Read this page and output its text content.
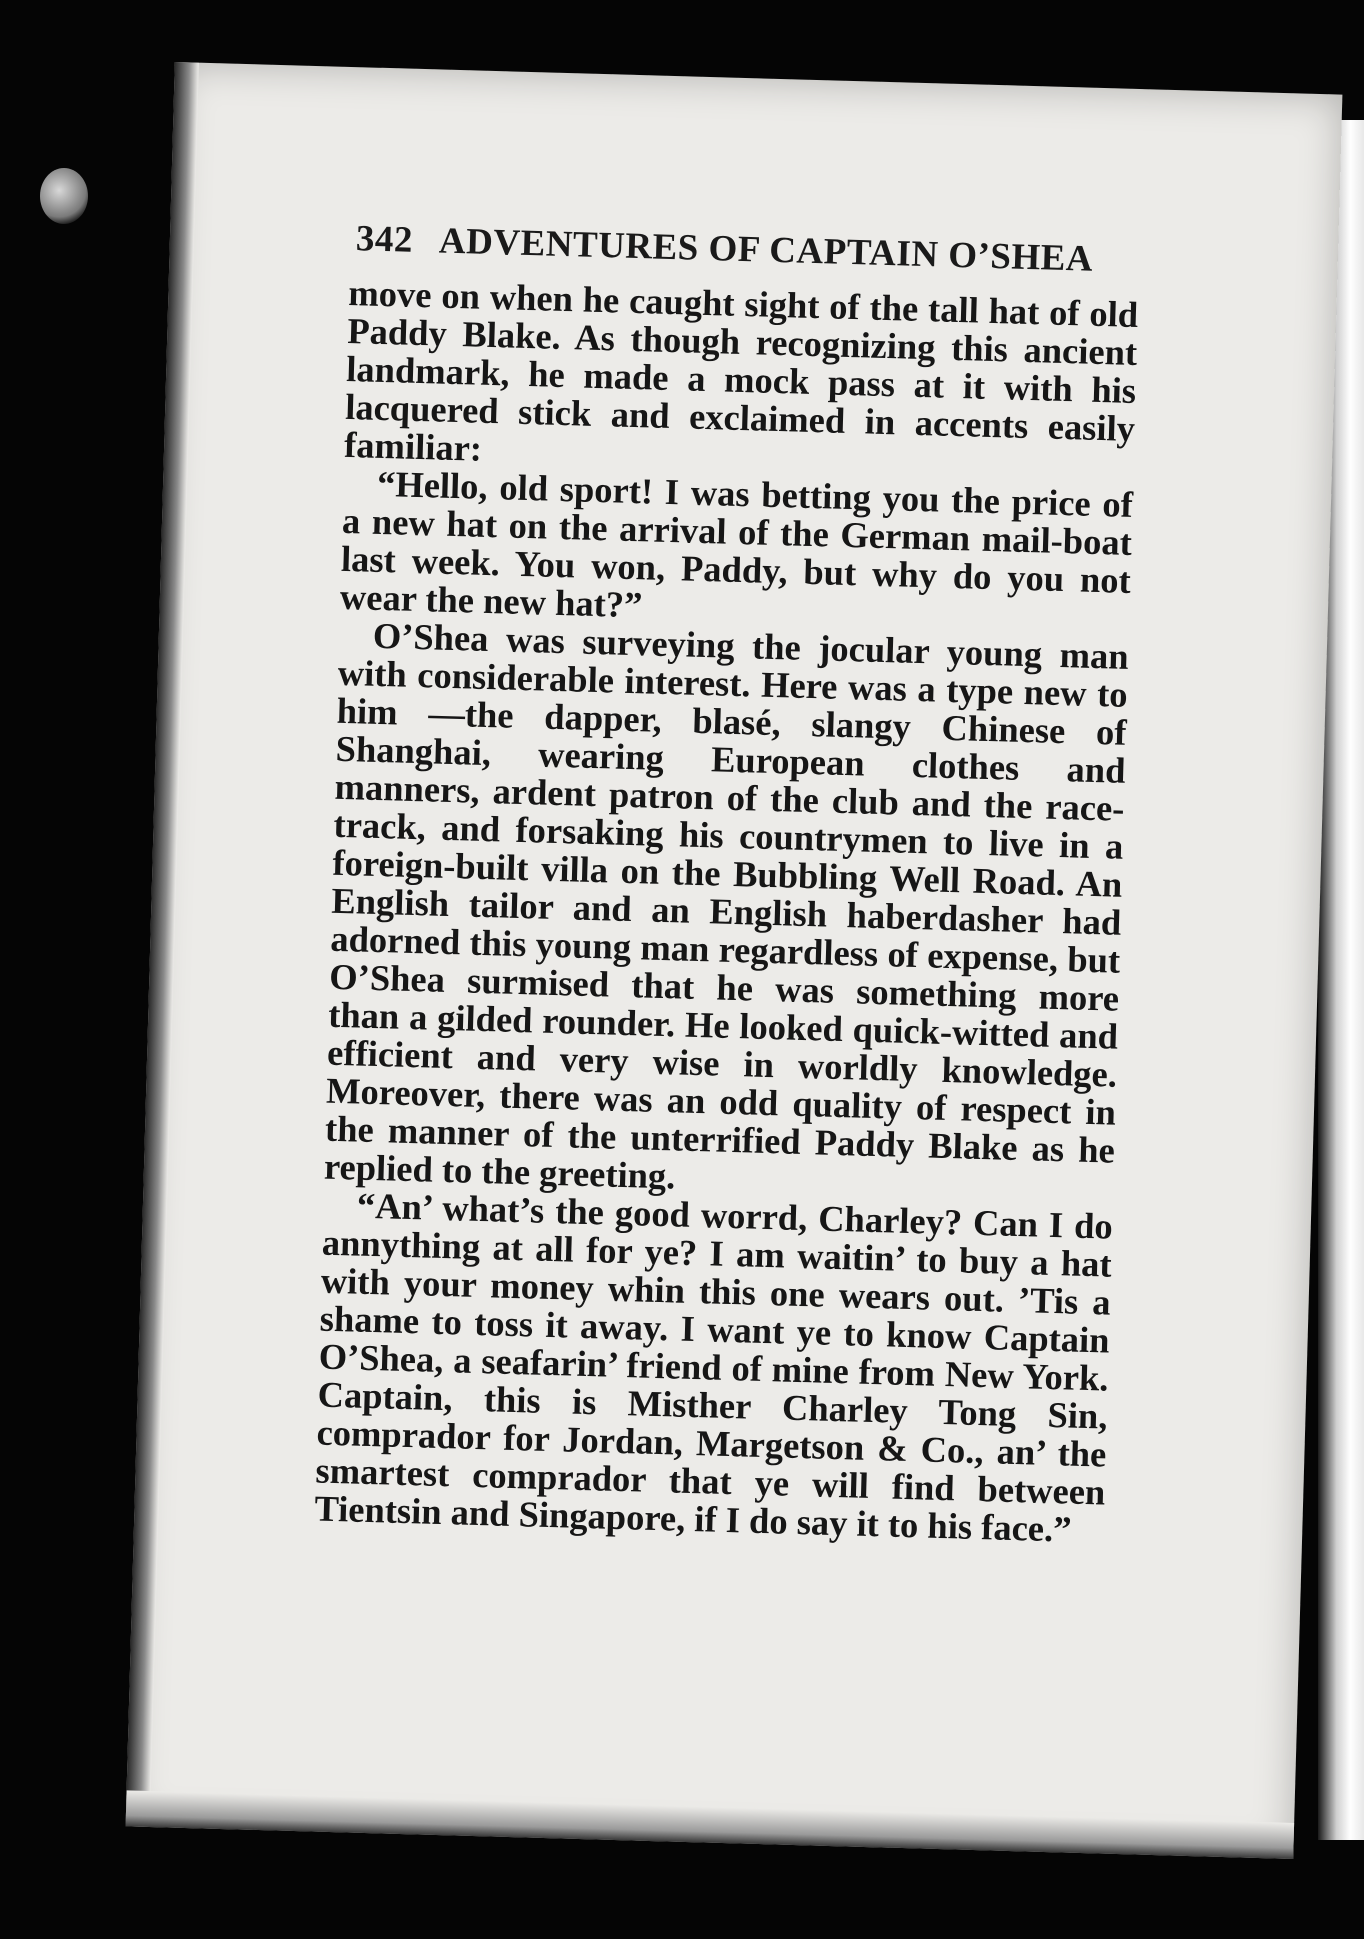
342 ADVENTURES OF CAPTAIN O’SHEA

move on when he caught sight of the tall hat of old Paddy Blake. As though recognizing this ancient landmark, he made a mock pass at it with his lacquered stick and exclaimed in accents easily familiar:

“Hello, old sport! I was betting you the price of a new hat on the arrival of the German mail-boat last week. You won, Paddy, but why do you not wear the new hat?”

O’Shea was surveying the jocular young man with considerable interest. Here was a type new to him —the dapper, blasé, slangy Chinese of Shanghai, wearing European clothes and manners, ardent patron of the club and the race-track, and forsaking his countrymen to live in a foreign-built villa on the Bubbling Well Road. An English tailor and an English haberdasher had adorned this young man regardless of expense, but O’Shea surmised that he was something more than a gilded rounder. He looked quick-witted and efficient and very wise in worldly knowledge. Moreover, there was an odd quality of respect in the manner of the unterrified Paddy Blake as he replied to the greeting.

“An’ what’s the good worrd, Charley? Can I do annything at all for ye? I am waitin’ to buy a hat with your money whin this one wears out. ’Tis a shame to toss it away. I want ye to know Captain O’Shea, a seafarin’ friend of mine from New York. Captain, this is Misther Charley Tong Sin, comprador for Jordan, Margetson & Co., an’ the smartest comprador that ye will find between Tientsin and Singapore, if I do say it to his face.”
